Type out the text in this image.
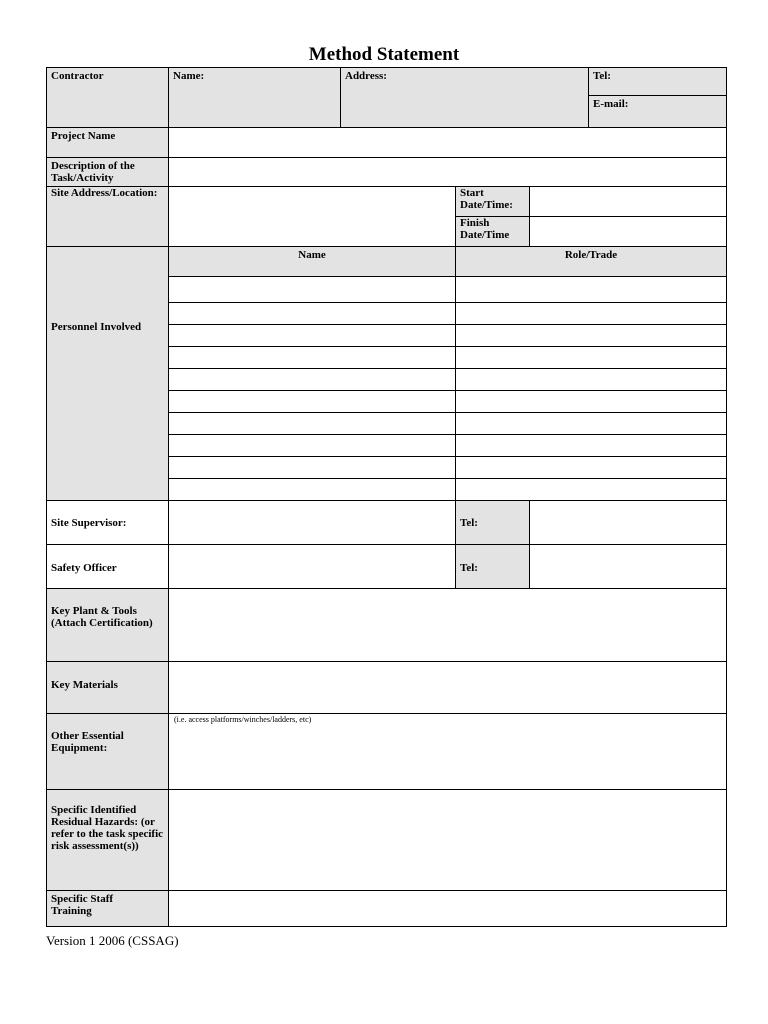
Method Statement
Contractor	Name:	Address:	Tel:
E-mail:
Project Name
Description of the Task/Activity
Site Address/Location:	Start Date/Time:
Finish Date/Time
Personnel Involved
Name	Role/Trade
Site Supervisor:	Tel:
Safety Officer	Tel:
Key Plant & Tools (Attach Certification)
Key Materials
Other Essential Equipment:
(i.e. access platforms/winches/ladders, etc)
Specific Identified Residual Hazards: (or refer to the task specific risk assessment(s))
Specific Staff Training
Version 1 2006 (CSSAG)
